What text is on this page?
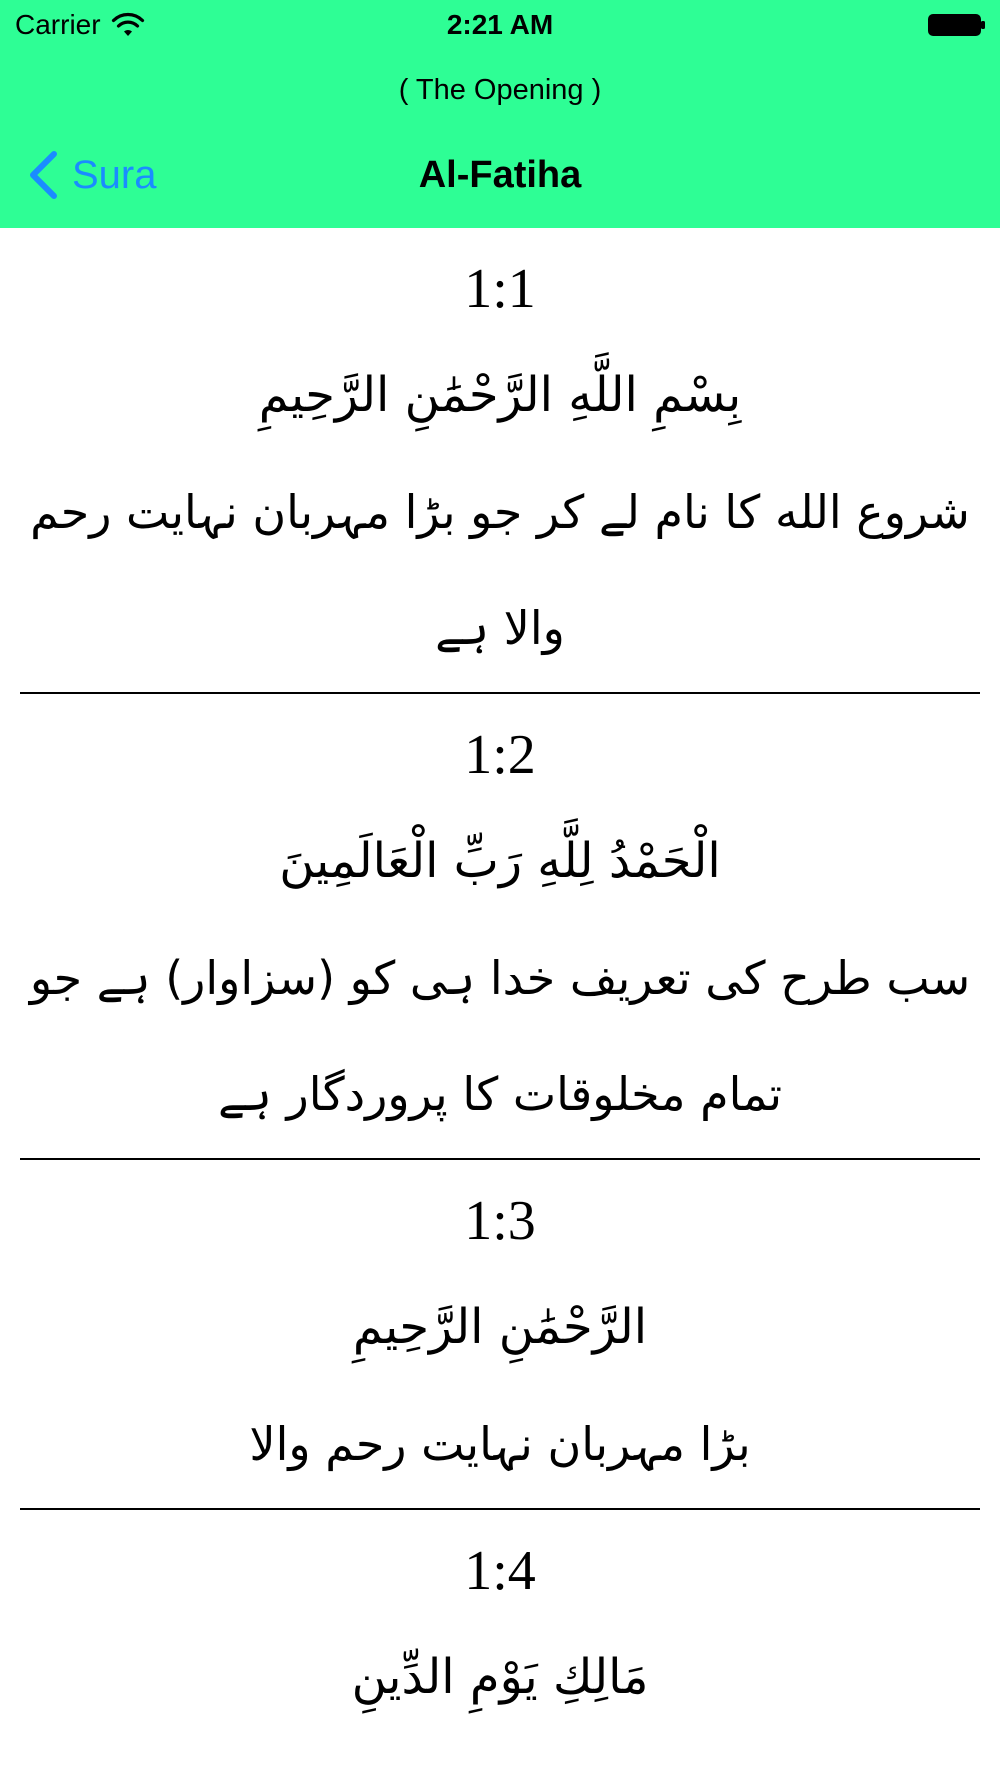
Carrier	2:21 AM
( The Opening )
Sura	Al-Fatiha
1:1
بِسْمِ اللَّهِ الرَّحْمَٰنِ الرَّحِيمِ
شروع الله کا نام لے کر جو بڑا مہربان نہایت رحم والا ہے
1:2
الْحَمْدُ لِلَّهِ رَبِّ الْعَالَمِينَ
سب طرح کی تعریف خدا ہی کو (سزاوار) ہے جو تمام مخلوقات کا پروردگار ہے
1:3
الرَّحْمَٰنِ الرَّحِيمِ
بڑا مہربان نہایت رحم والا
1:4
مَالِكِ يَوْمِ الدِّينِ
